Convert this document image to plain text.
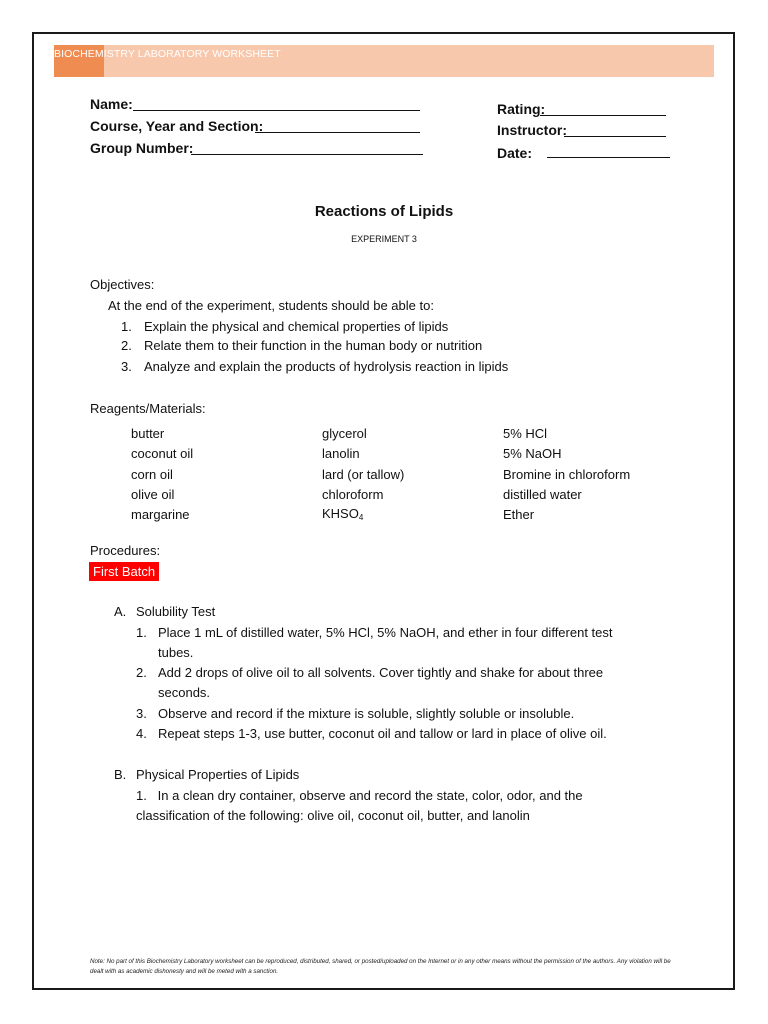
BIOCHEMISTRY LABORATORY WORKSHEET
Name:
Course, Year and Section:
Group Number:
Rating:
Instructor:
Date:
Reactions of Lipids
EXPERIMENT 3
Objectives:
At the end of the experiment, students should be able to:
1. Explain the physical and chemical properties of lipids
2. Relate them to their function in the human body or nutrition
3. Analyze and explain the products of hydrolysis reaction in lipids
Reagents/Materials:
butter
coconut oil
corn oil
olive oil
margarine
glycerol
lanolin
lard (or tallow)
chloroform
$KHSO_4$
5% HCl
5% NaOH
Bromine in chloroform
distilled water
Ether
Procedures:
First Batch
A. Solubility Test
1. Place 1 mL of distilled water, 5% HCl, 5% NaOH, and ether in four different test
tubes.
2. Add 2 drops of olive oil to all solvents. Cover tightly and shake for about three
seconds.
3. Observe and record if the mixture is soluble, slightly soluble or insoluble.
4. Repeat steps 1-3, use butter, coconut oil and tallow or lard in place of olive oil.
B. Physical Properties of Lipids
1.   In a clean dry container, observe and record the state, color, odor, and the
classification of the following: olive oil, coconut oil, butter, and lanolin
Note: No part of this Biochemistry Laboratory worksheet can be reproduced, distributed, shared, or posted/uploaded on the Internet or in any other means without the permission of the authors. Any violation will be dealt with as academic dishonesty and will be meted with a sanction.
